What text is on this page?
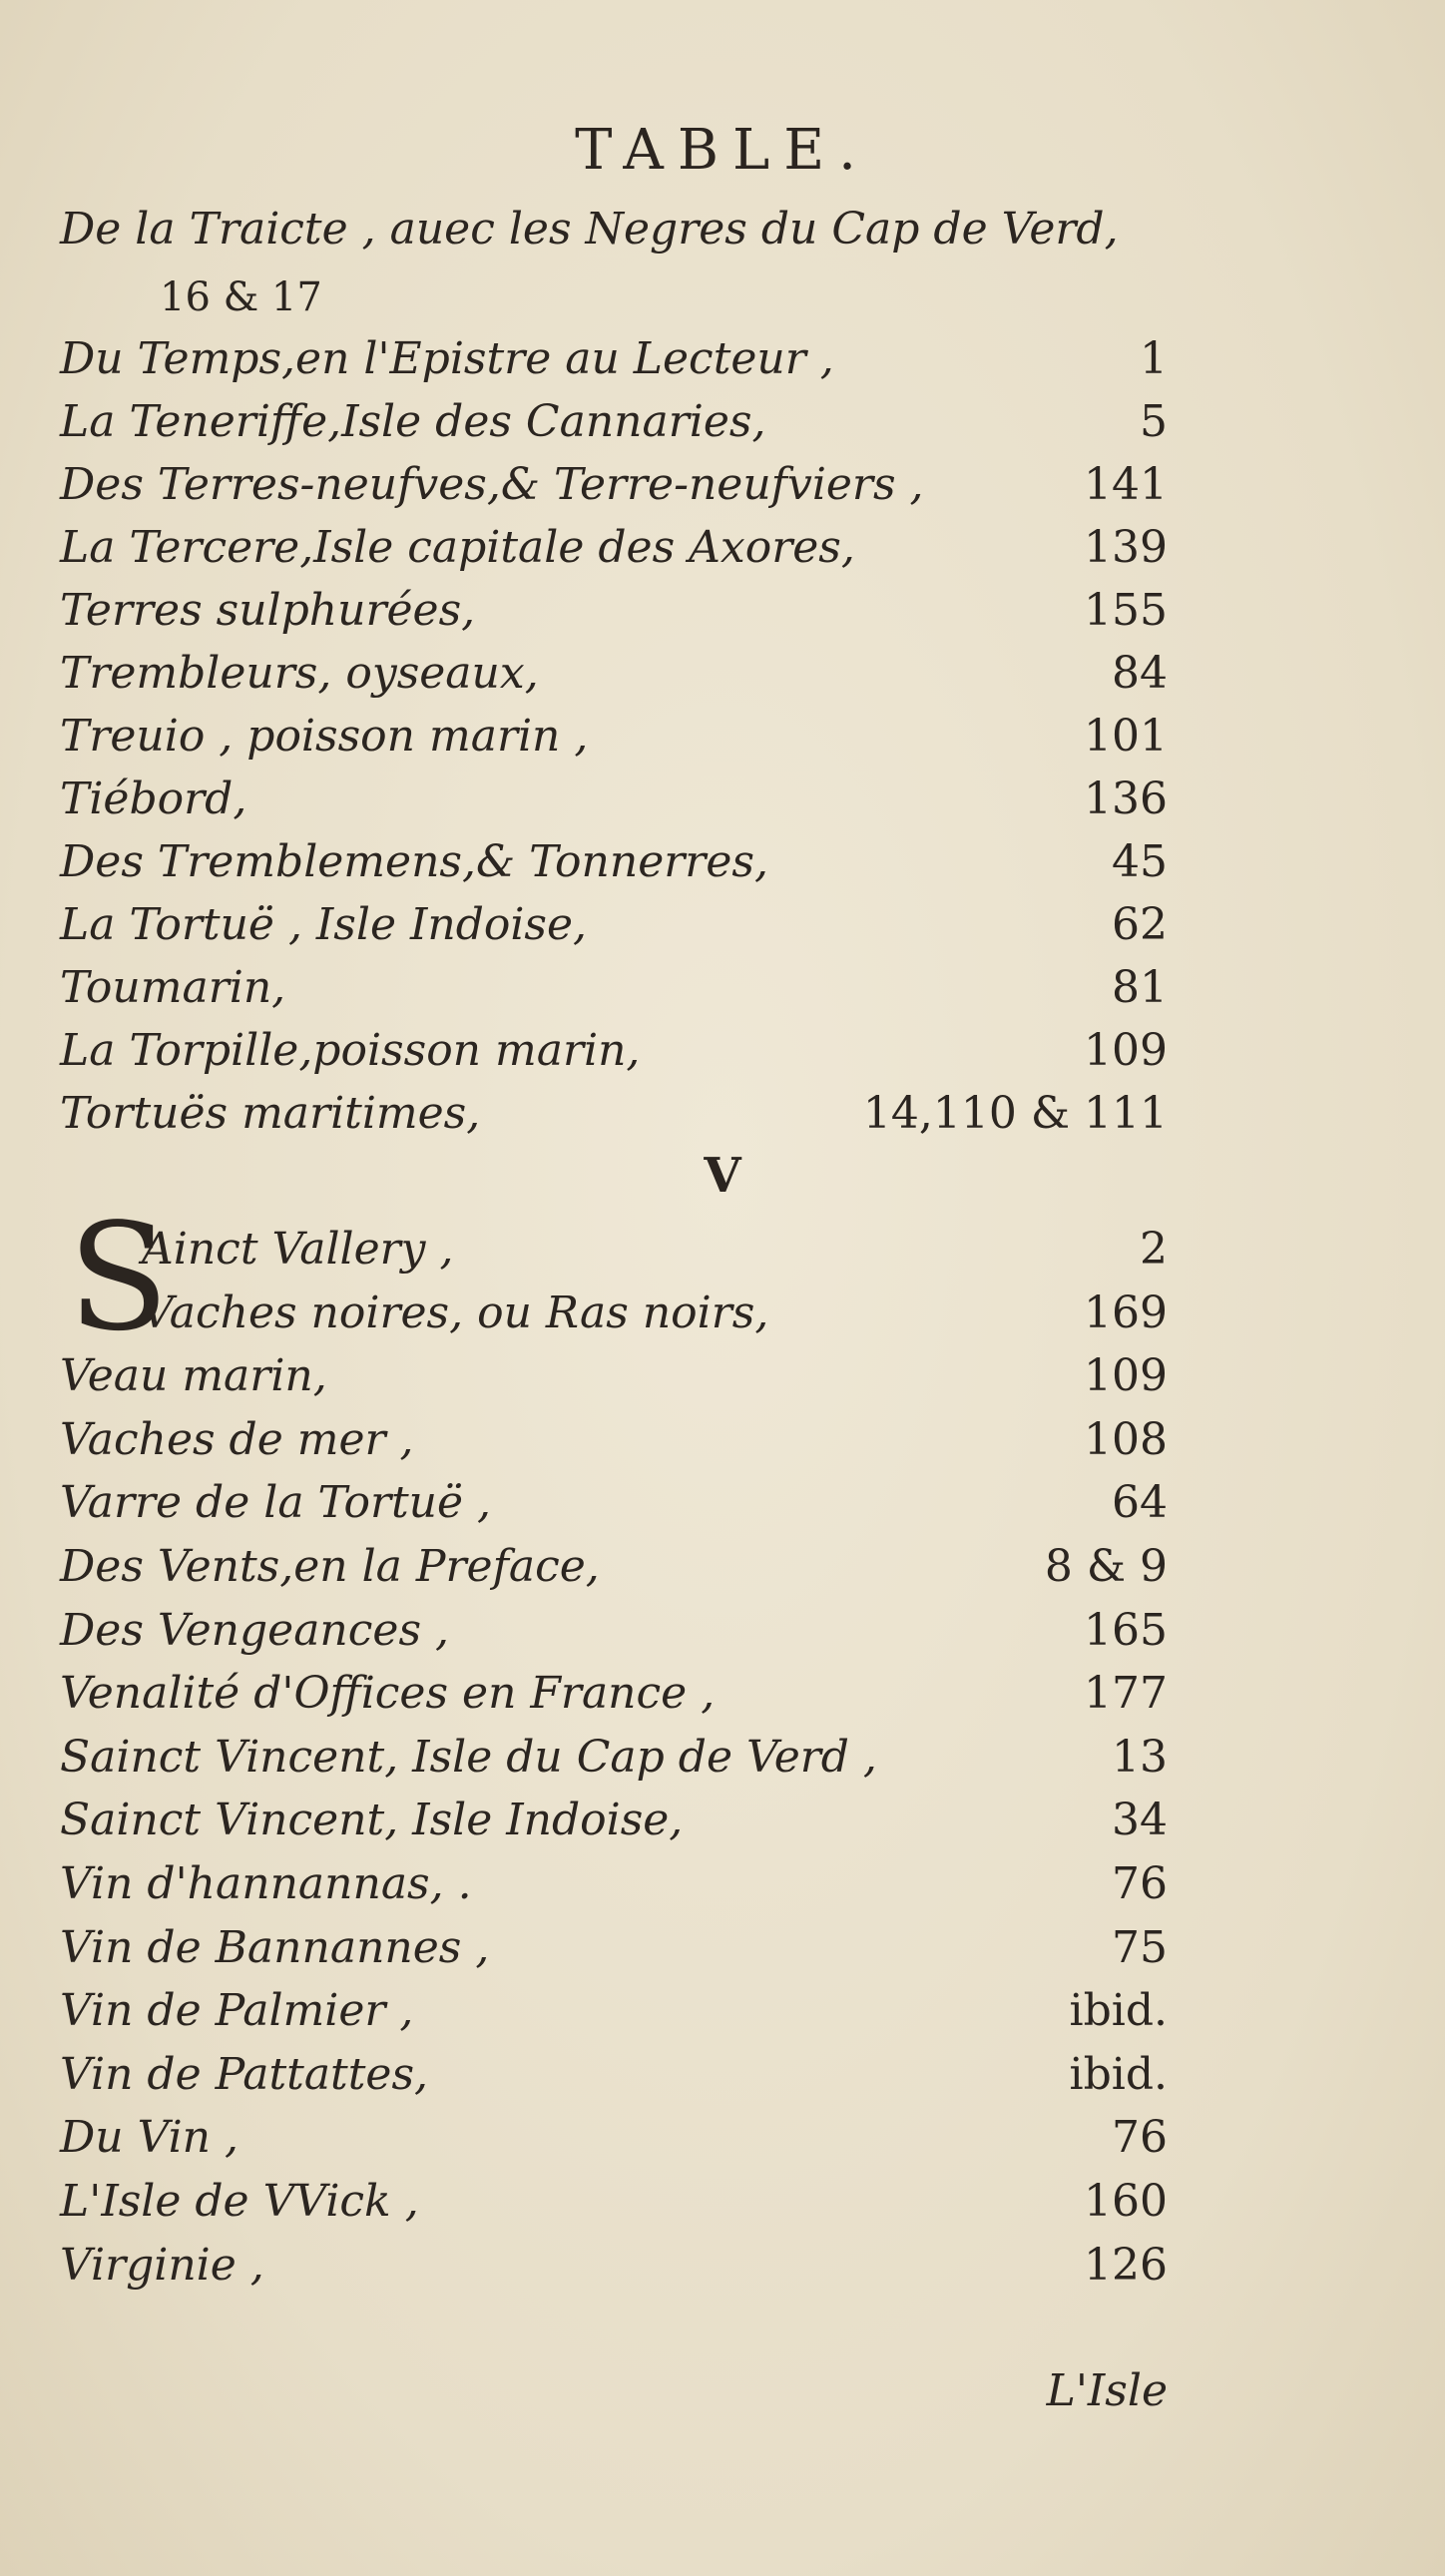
TABLE.
De la Traicte , auec les Negres du Cap de Verd,
16 & 17
Du Temps,en l'Epistre au Lecteur ,	1
La Teneriffe,Isle des Cannaries,	5
Des Terres-neufves,& Terre-neufviers ,	141
La Tercere,Isle capitale des Axores,	139
Terres sulphurées,	155
Trembleurs, oyseaux,	84
Treuio , poisson marin ,	101
Tiébord,	136
Des Tremblemens,& Tonnerres,	45
La Tortuë , Isle Indoise,	62
Toumarin,	81
La Torpille,poisson marin,	109
Tortuës maritimes,	14,110 & 111
V
S
Ainct Vallery ,	2
Vaches noires, ou Ras noirs,	169
Veau marin,	109
Vaches de mer ,	108
Varre de la Tortuë ,	64
Des Vents,en la Preface,	8 & 9
Des Vengeances ,	165
Venalité d'Offices en France ,	177
Sainct Vincent, Isle du Cap de Verd ,	13
Sainct Vincent, Isle Indoise,	34
Vin d'hannannas, .	76
Vin de Bannannes ,	75
Vin de Palmier ,	ibid.
Vin de Pattattes,	ibid.
Du Vin ,	76
L'Isle de VVick ,	160
Virginie ,	126
L'Isle
